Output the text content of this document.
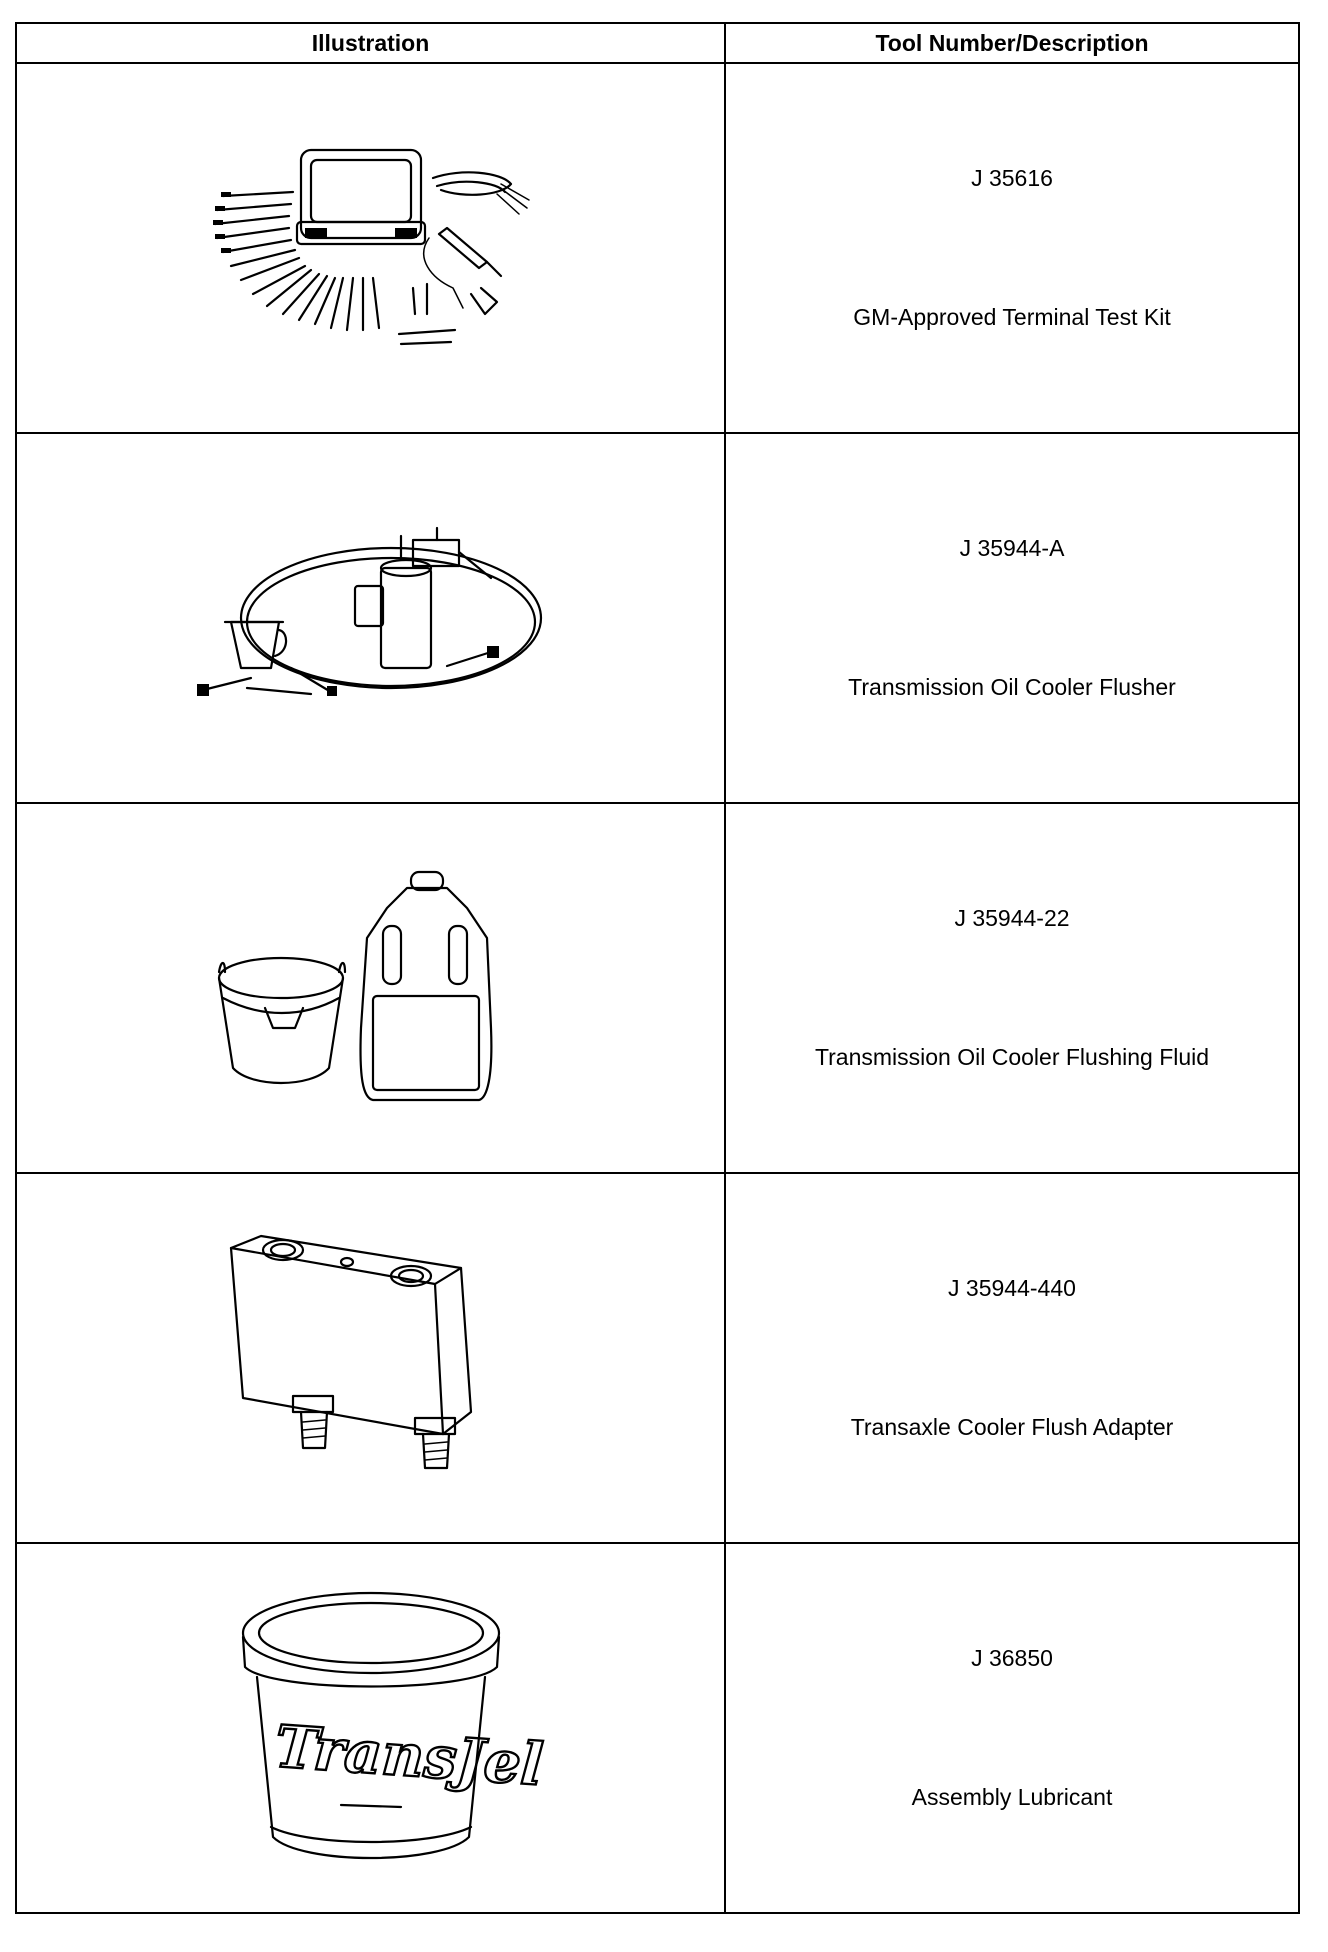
Illustration	Tool Number/Description

J 35616
GM-Approved Terminal Test Kit

J 35944-A
Transmission Oil Cooler Flusher

J 35944-22
Transmission Oil Cooler Flushing Fluid

J 35944-440
Transaxle Cooler Flush Adapter

TransJel	J 36850
Assembly Lubricant
